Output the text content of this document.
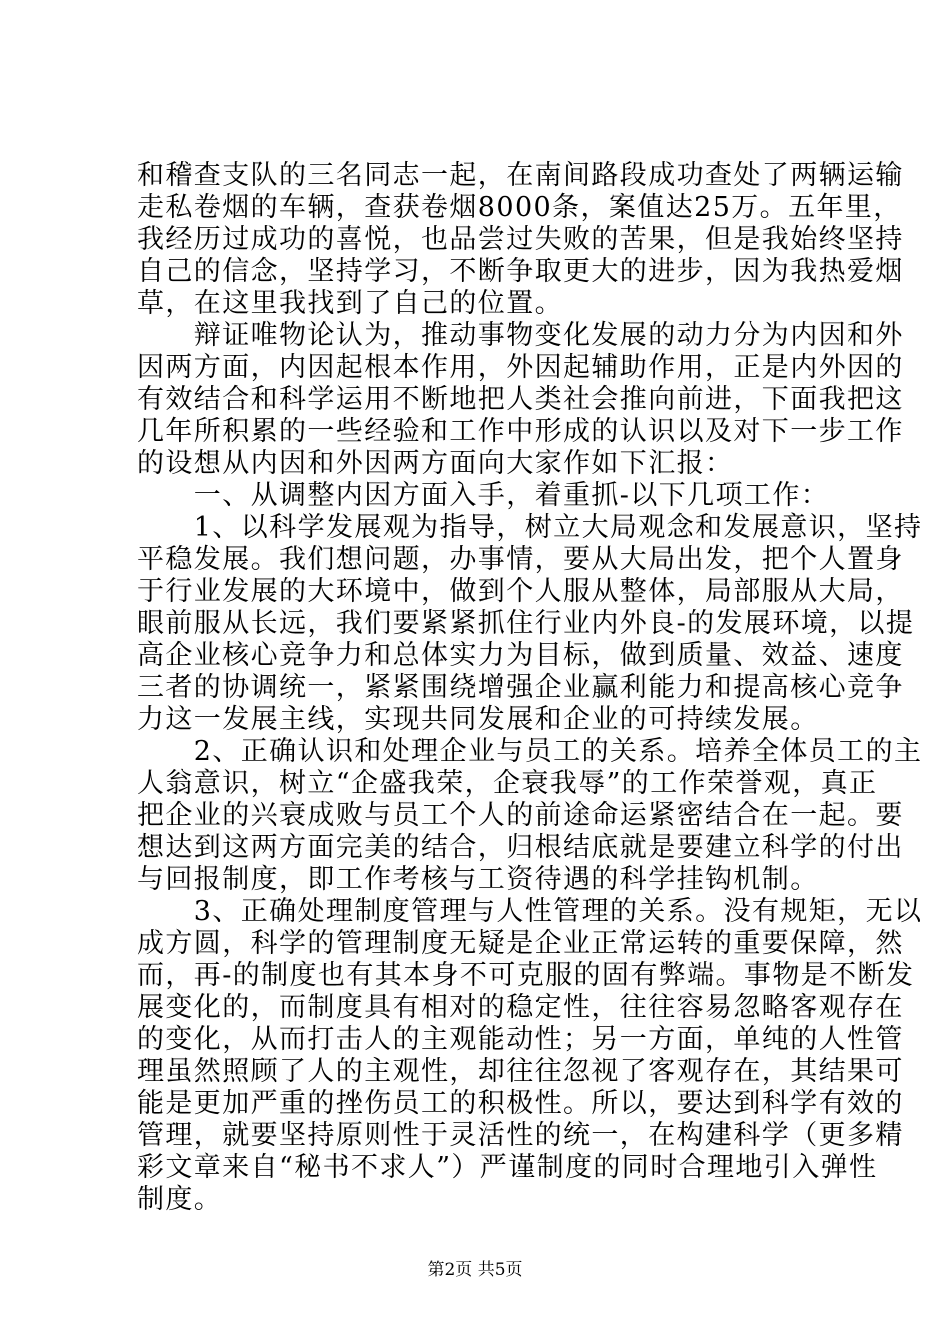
和稽查支队的三名同志一起，在南间路段成功查处了两辆运输
走私卷烟的车辆，查获卷烟8000条，案值达25万。五年里，
我经历过成功的喜悦，也品尝过失败的苦果，但是我始终坚持
自己的信念，坚持学习，不断争取更大的进步，因为我热爱烟
草，在这里我找到了自己的位置。
　　辩证唯物论认为，推动事物变化发展的动力分为内因和外
因两方面，内因起根本作用，外因起辅助作用，正是内外因的
有效结合和科学运用不断地把人类社会推向前进，下面我把这
几年所积累的一些经验和工作中形成的认识以及对下一步工作
的设想从内因和外因两方面向大家作如下汇报：
　　一、从调整内因方面入手，着重抓-以下几项工作：
　　1、以科学发展观为指导，树立大局观念和发展意识，坚持
平稳发展。我们想问题，办事情，要从大局出发，把个人置身
于行业发展的大环境中，做到个人服从整体，局部服从大局，
眼前服从长远，我们要紧紧抓住行业内外良-的发展环境，以提
高企业核心竞争力和总体实力为目标，做到质量、效益、速度
三者的协调统一，紧紧围绕增强企业赢利能力和提高核心竞争
力这一发展主线，实现共同发展和企业的可持续发展。
　　2、正确认识和处理企业与员工的关系。培养全体员工的主
人翁意识，树立“企盛我荣，企衰我辱”的工作荣誉观，真正
把企业的兴衰成败与员工个人的前途命运紧密结合在一起。要
想达到这两方面完美的结合，归根结底就是要建立科学的付出
与回报制度，即工作考核与工资待遇的科学挂钩机制。
　　3、正确处理制度管理与人性管理的关系。没有规矩，无以
成方圆，科学的管理制度无疑是企业正常运转的重要保障，然
而，再-的制度也有其本身不可克服的固有弊端。事物是不断发
展变化的，而制度具有相对的稳定性，往往容易忽略客观存在
的变化，从而打击人的主观能动性；另一方面，单纯的人性管
理虽然照顾了人的主观性，却往往忽视了客观存在，其结果可
能是更加严重的挫伤员工的积极性。所以，要达到科学有效的
管理，就要坚持原则性于灵活性的统一，在构建科学（更多精
彩文章来自“秘书不求人”）严谨制度的同时合理地引入弹性
制度。
第2页 共5页
